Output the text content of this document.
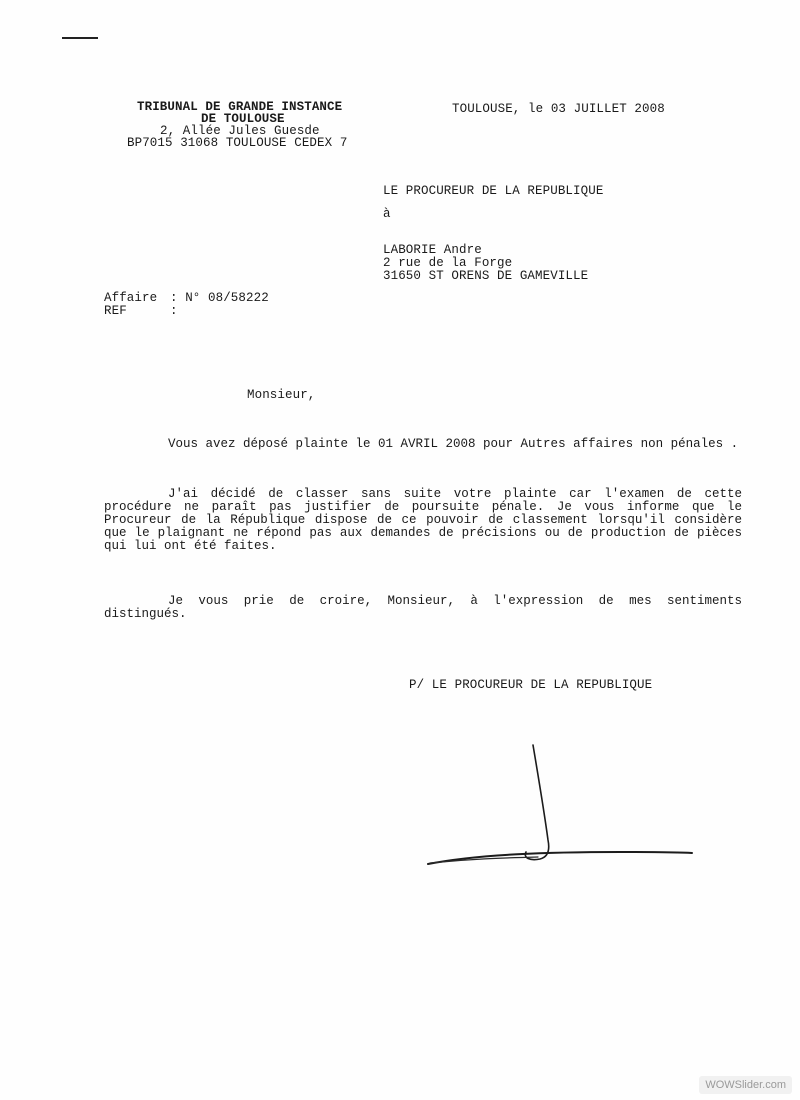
TRIBUNAL DE GRANDE INSTANCE
DE TOULOUSE
2, Allée Jules Guesde
BP7015 31068 TOULOUSE CEDEX 7
TOULOUSE, le 03 JUILLET 2008
LE PROCUREUR DE LA REPUBLIQUE
à
LABORIE Andre
2 rue de la Forge
31650 ST ORENS DE GAMEVILLE
Affaire : N° 08/58222
REF	:
Monsieur,
Vous avez déposé plainte le 01 AVRIL 2008 pour Autres affaires non pénales .
J'ai décidé de classer sans suite votre plainte car l'examen de cette procédure ne paraît pas justifier de poursuite pénale. Je vous informe que le Procureur de la République dispose de ce pouvoir de classement lorsqu'il considère que le plaignant ne répond pas aux demandes de précisions ou de production de pièces qui lui ont été faites.
Je vous prie de croire, Monsieur, à l'expression de mes sentiments distingués.
P/ LE PROCUREUR DE LA REPUBLIQUE
WOWSlider.com
